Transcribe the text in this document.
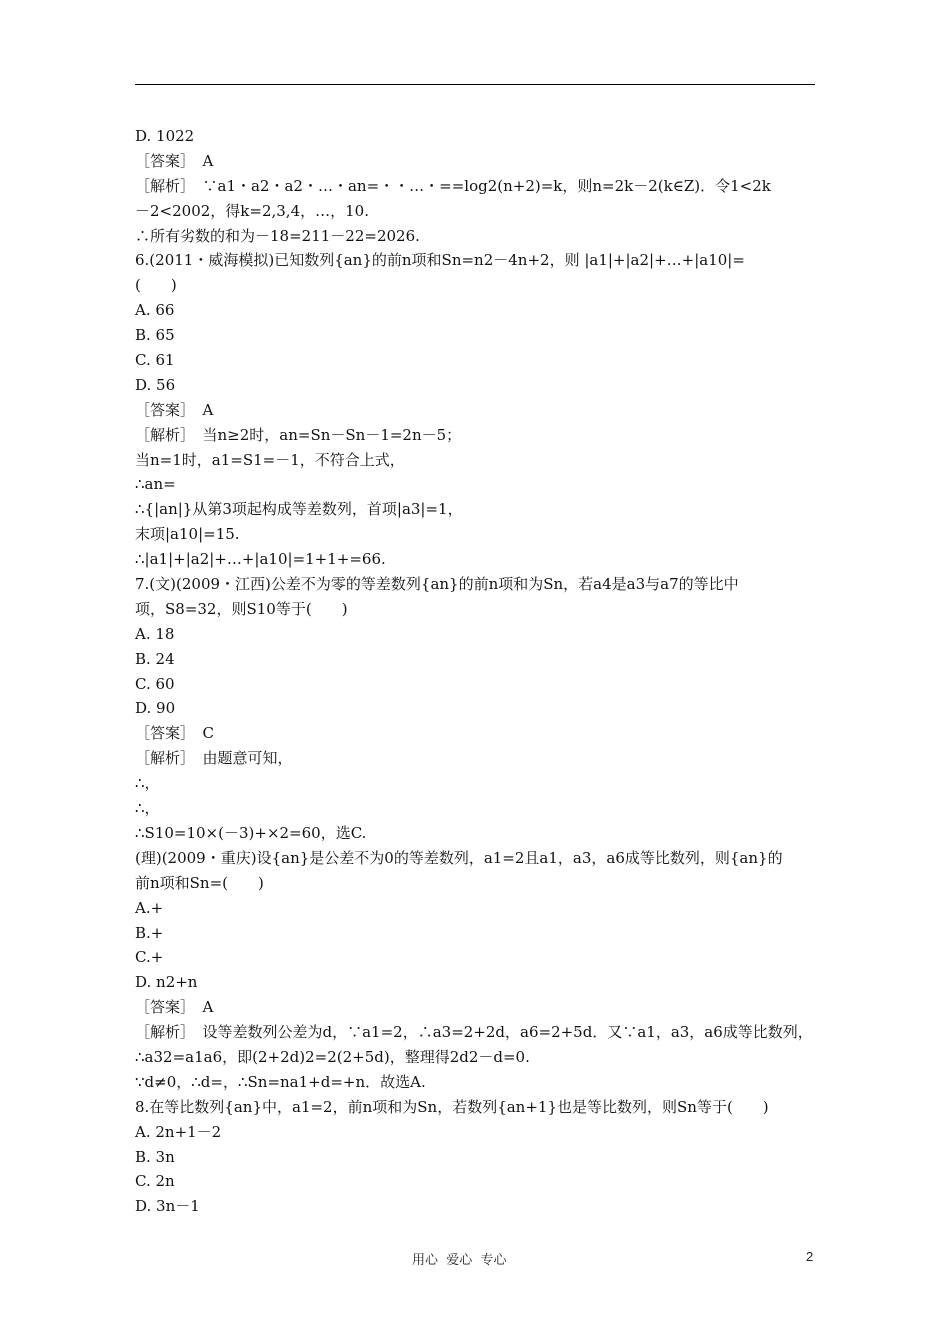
D. 1022
［答案］　A
［解析］　∵a1・a2・a2・…・an=・・…・==log2(n+2)=k，则n=2k－2(k∈Z)．令1<2k
－2<2002，得k=2,3,4，…，10.
∴所有劣数的和为－18=211－22=2026.
6.(2011・威海模拟)已知数列{an}的前n项和Sn=n2－4n+2，则 |a1|+|a2|+…+|a10|=
(　　)
A. 66
B. 65
C. 61
D. 56
［答案］　A
［解析］　当n≥2时，an=Sn－Sn－1=2n－5；
当n=1时，a1=S1=－1，不符合上式，
∴an=
∴{|an|}从第3项起构成等差数列，首项|a3|=1，
末项|a10|=15.
∴|a1|+|a2|+…+|a10|=1+1+=66.
7.(文)(2009・江西)公差不为零的等差数列{an}的前n项和为Sn，若a4是a3与a7的等比中
项，S8=32，则S10等于(　　)
A. 18
B. 24
C. 60
D. 90
［答案］　C
［解析］　由题意可知，
∴，
∴，
∴S10=10×(－3)+×2=60，选C.
(理)(2009・重庆)设{an}是公差不为0的等差数列，a1=2且a1，a3，a6成等比数列，则{an}的
前n项和Sn=(　　)
A.+
B.+
C.+
D. n2+n
［答案］　A
［解析］　设等差数列公差为d，∵a1=2，∴a3=2+2d，a6=2+5d．又∵a1，a3，a6成等比数列，
∴a32=a1a6，即(2+2d)2=2(2+5d)，整理得2d2－d=0.
∵d≠0，∴d=，∴Sn=na1+d=+n．故选A.
8.在等比数列{an}中，a1=2，前n项和为Sn，若数列{an+1}也是等比数列，则Sn等于(　　)
A. 2n+1－2
B. 3n
C. 2n
D. 3n－1
用心  爱心  专心	2
